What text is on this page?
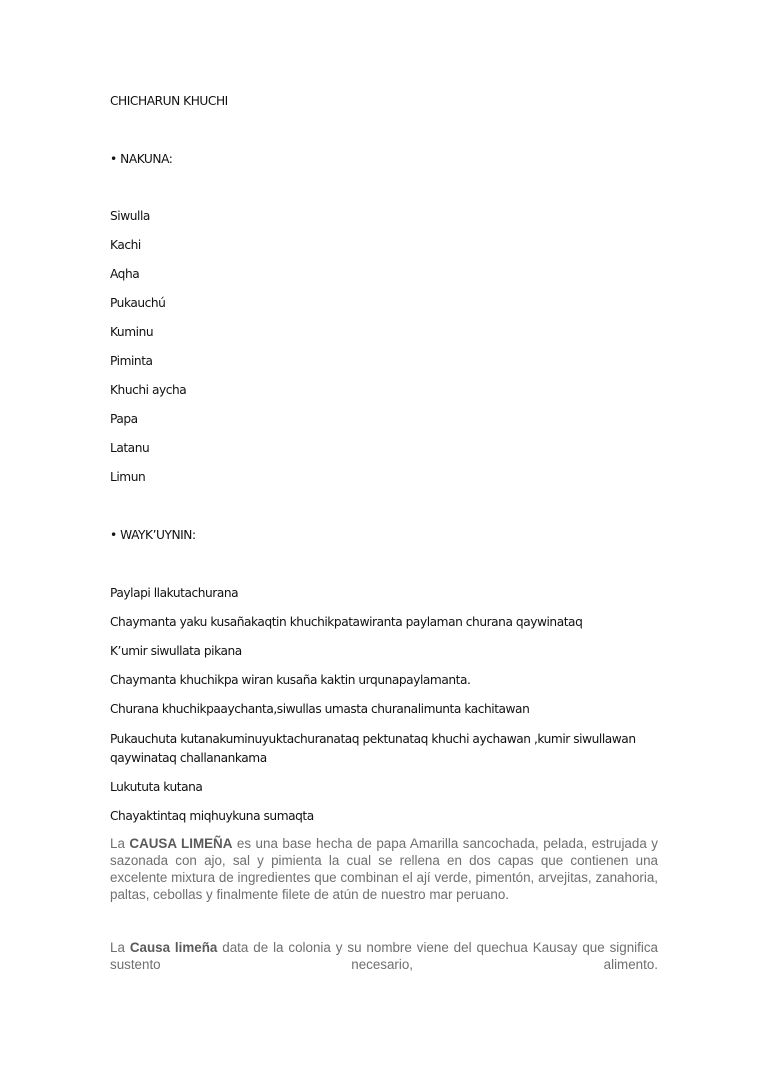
CHICHARUN KHUCHI

• NAKUNA:

Siwulla

Kachi

Aqha

Pukauchú

Kuminu

Piminta

Khuchi aycha

Papa

Latanu

Limun

• WAYK’UYNIN:

Paylapi llakutachurana

Chaymanta yaku kusañakaqtin khuchikpatawiranta paylaman churana qaywinataq

K’umir siwullata pikana

Chaymanta khuchikpa wiran kusaña kaktin urqunapaylamanta.

Churana khuchikpaaychanta,siwullas umasta churanalimunta kachitawan

Pukauchuta kutanakuminuyuktachuranataq pektunataq khuchi aychawan ,kumir siwullawan

qaywinataq challanankama

Lukututa kutana

Chayaktintaq miqhuykuna sumaqta

La CAUSA LIMEÑA es una base hecha de papa Amarilla sancochada, pelada, estrujada y sazonada con ajo, sal y pimienta la cual se rellena en dos capas que contienen una excelente mixtura de ingredientes que combinan el ají verde, pimentón, arvejitas, zanahoria, paltas, cebollas y finalmente filete de atún de nuestro mar peruano.

La Causa limeña data de la colonia y su nombre viene del quechua Kausay que significa sustento necesario, alimento.
